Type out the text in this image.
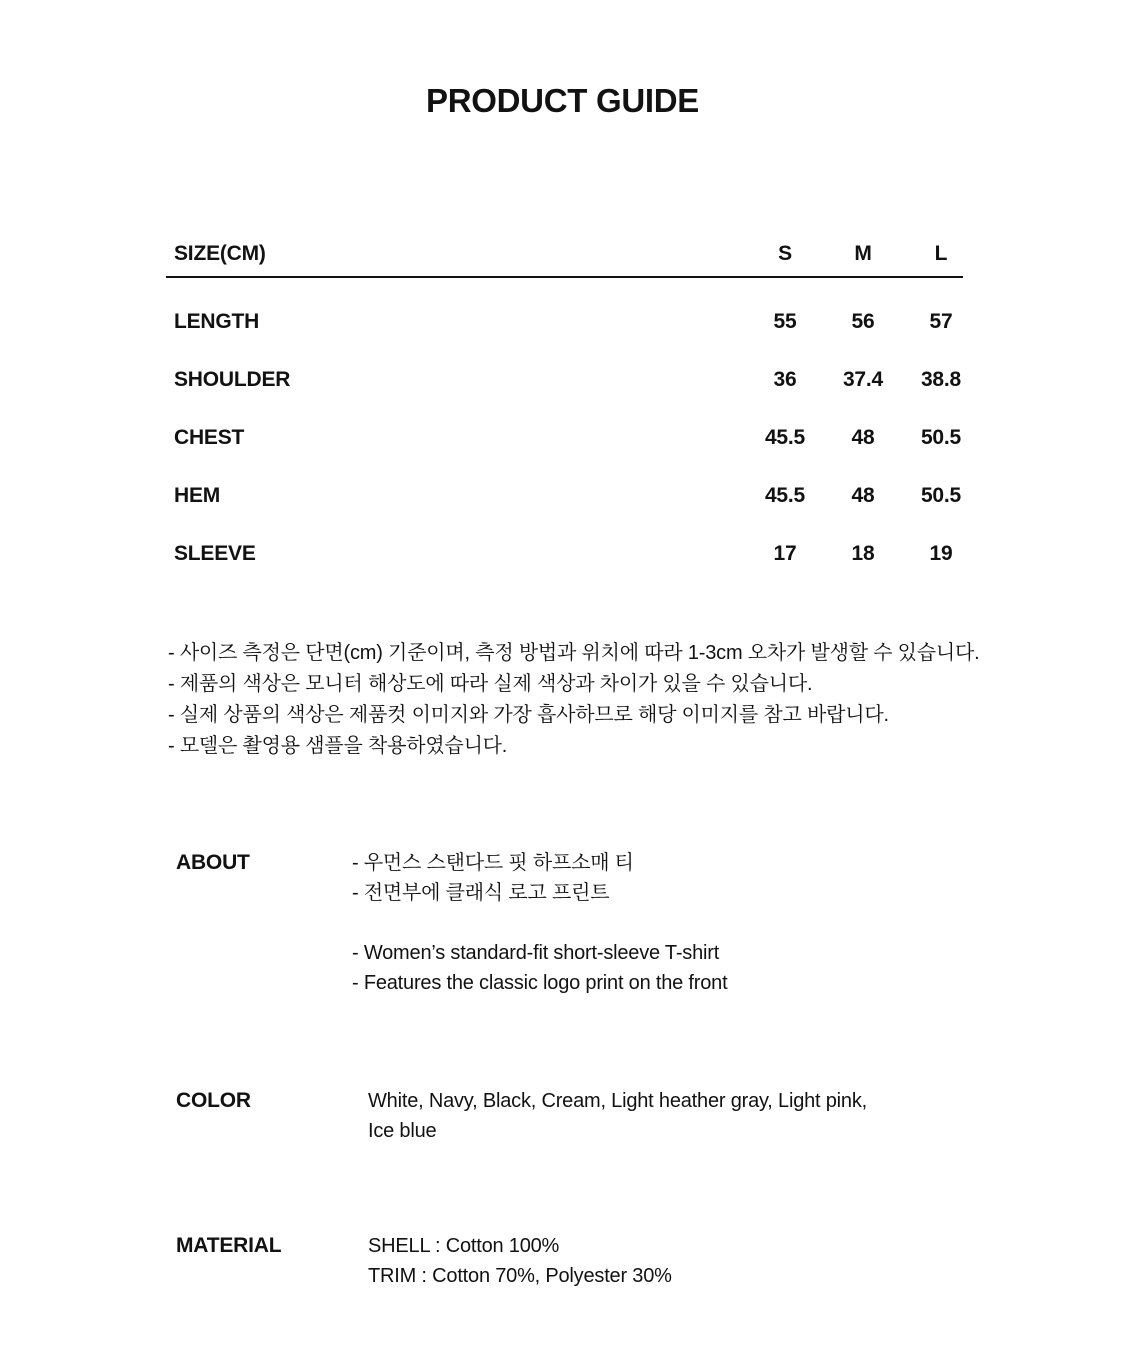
PRODUCT GUIDE
SIZE(CM)	S	M	L
LENGTH	55	56	57
SHOULDER	36	37.4	38.8
CHEST	45.5	48	50.5
HEM	45.5	48	50.5
SLEEVE	17	18	19
- 사이즈 측정은 단면(cm) 기준이며, 측정 방법과 위치에 따라 1-3cm 오차가 발생할 수 있습니다.
- 제품의 색상은 모니터 해상도에 따라 실제 색상과 차이가 있을 수 있습니다.
- 실제 상품의 색상은 제품컷 이미지와 가장 흡사하므로 해당 이미지를 참고 바랍니다.
- 모델은 촬영용 샘플을 착용하였습니다.
ABOUT	- 우먼스 스탠다드 핏 하프소매 티
- 전면부에 클래식 로고 프린트
- Women’s standard-fit short-sleeve T-shirt
- Features the classic logo print on the front
COLOR	White, Navy, Black, Cream, Light heather gray, Light pink,
Ice blue
MATERIAL	SHELL : Cotton 100%
TRIM : Cotton 70%, Polyester 30%
